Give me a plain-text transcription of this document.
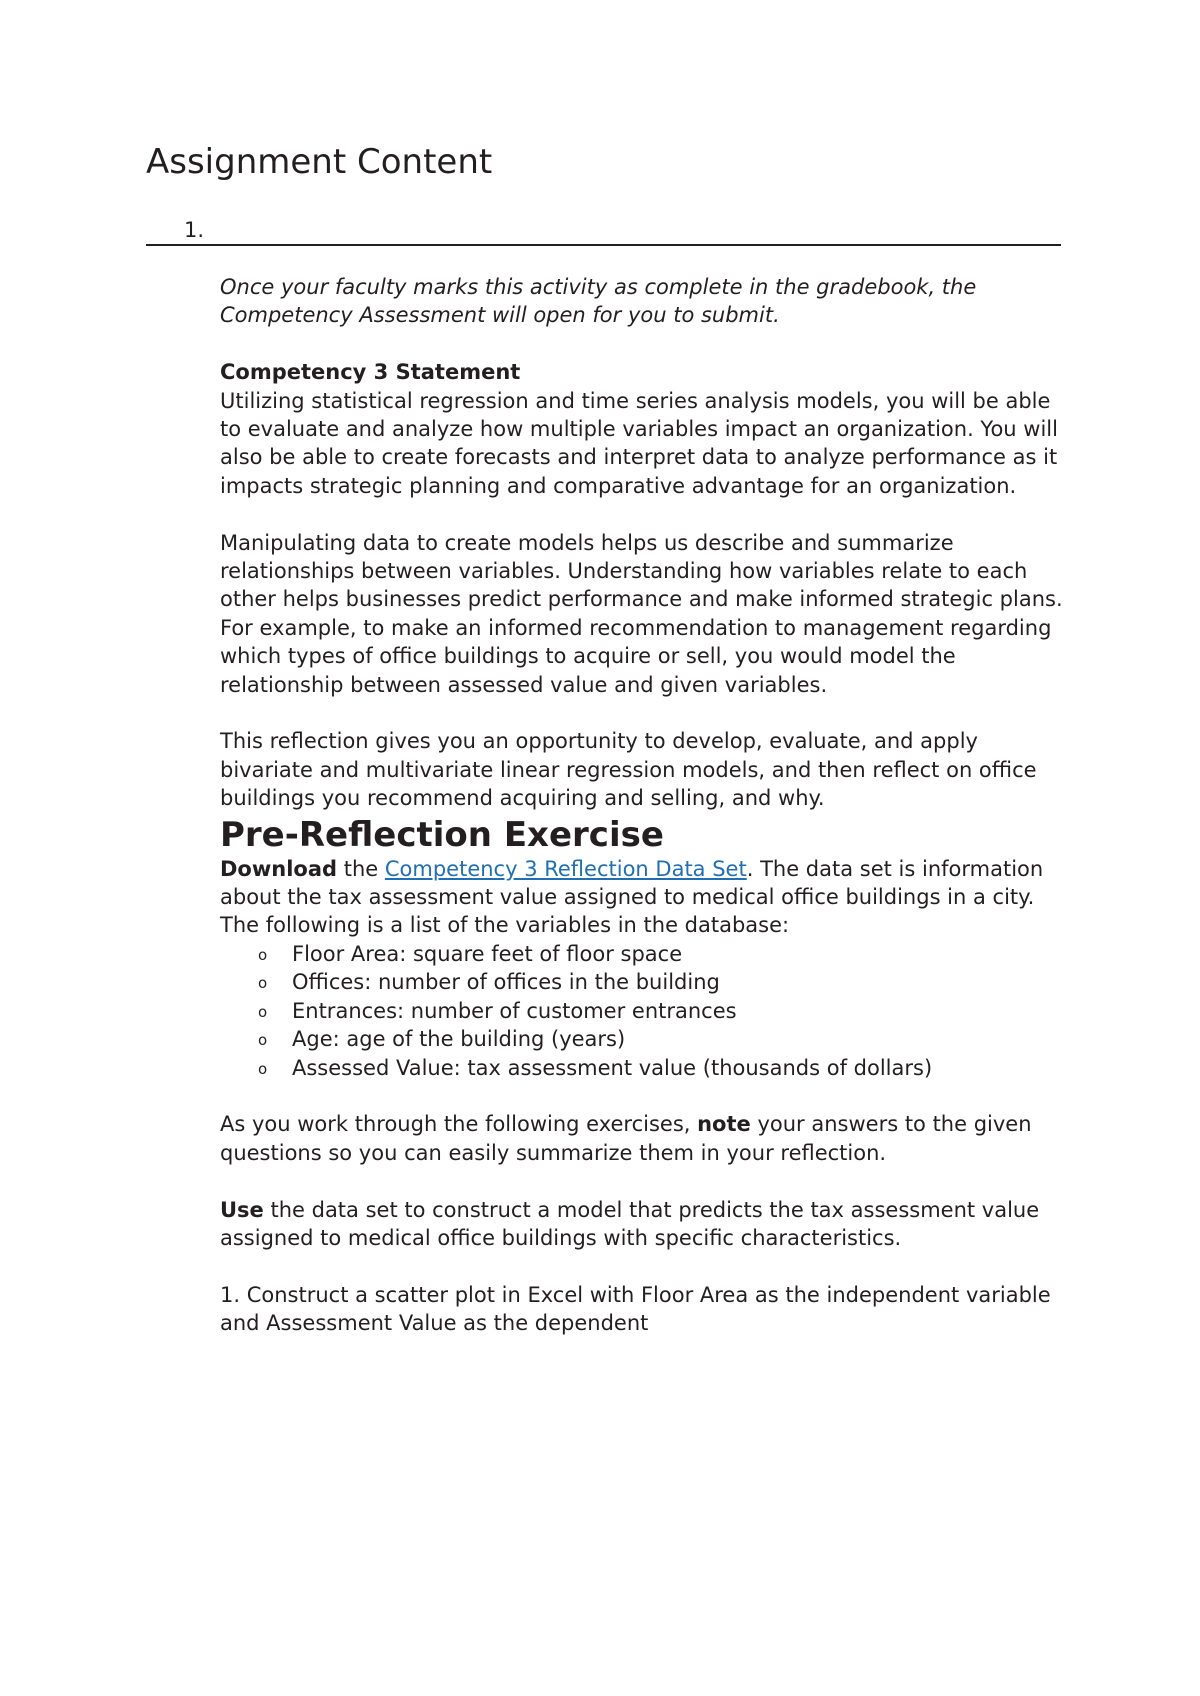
Assignment Content
1.

Once your faculty marks this activity as complete in the gradebook, the Competency Assessment will open for you to submit.

Competency 3 Statement

Utilizing statistical regression and time series analysis models, you will be able to evaluate and analyze how multiple variables impact an organization. You will also be able to create forecasts and interpret data to analyze performance as it impacts strategic planning and comparative advantage for an organization.

Manipulating data to create models helps us describe and summarize relationships between variables. Understanding how variables relate to each other helps businesses predict performance and make informed strategic plans. For example, to make an informed recommendation to management regarding which types of office buildings to acquire or sell, you would model the relationship between assessed value and given variables.

This reflection gives you an opportunity to develop, evaluate, and apply bivariate and multivariate linear regression models, and then reflect on office buildings you recommend acquiring and selling, and why.

Pre-Reflection Exercise

Download the Competency 3 Reflection Data Set. The data set is information about the tax assessment value assigned to medical office buildings in a city. The following is a list of the variables in the database:

o Floor Area: square feet of floor space
o Offices: number of offices in the building
o Entrances: number of customer entrances
o Age: age of the building (years)
o Assessed Value: tax assessment value (thousands of dollars)

As you work through the following exercises, note your answers to the given questions so you can easily summarize them in your reflection.

Use the data set to construct a model that predicts the tax assessment value assigned to medical office buildings with specific characteristics.

1. Construct a scatter plot in Excel with Floor Area as the independent variable and Assessment Value as the dependent
